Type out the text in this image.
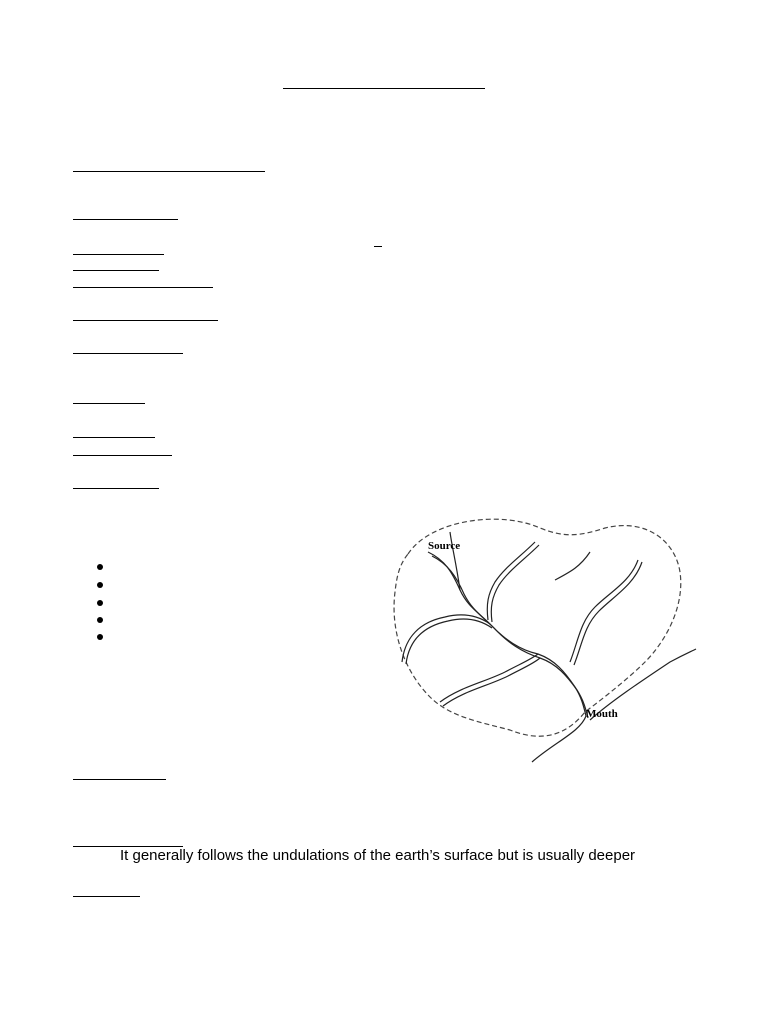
Source
Mouth
It generally follows the undulations of the earth’s surface but is usually deeper
